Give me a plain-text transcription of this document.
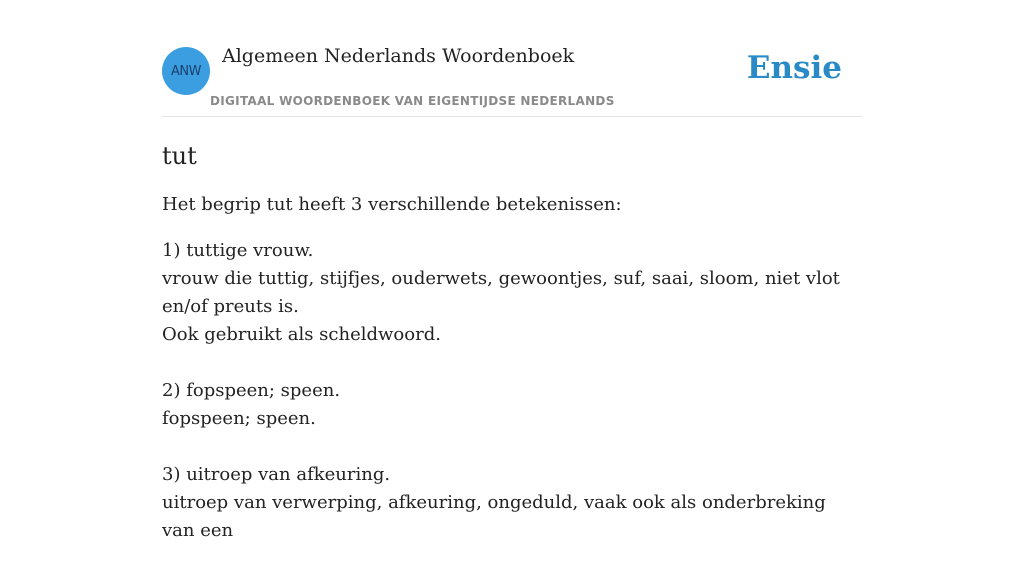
ANW
Algemeen Nederlands Woordenboek
DIGITAAL WOORDENBOEK VAN EIGENTIJDSE NEDERLANDS
Ensie
tut

Het begrip tut heeft 3 verschillende betekenissen:

1) tuttige vrouw.

vrouw die tuttig, stijfjes, ouderwets, gewoontjes, suf, saai, sloom, niet vlot en/of preuts is.

Ook gebruikt als scheldwoord.

2) fopspeen; speen.

fopspeen; speen.

3) uitroep van afkeuring.

uitroep van verwerping, afkeuring, ongeduld, vaak ook als onderbreking van een
